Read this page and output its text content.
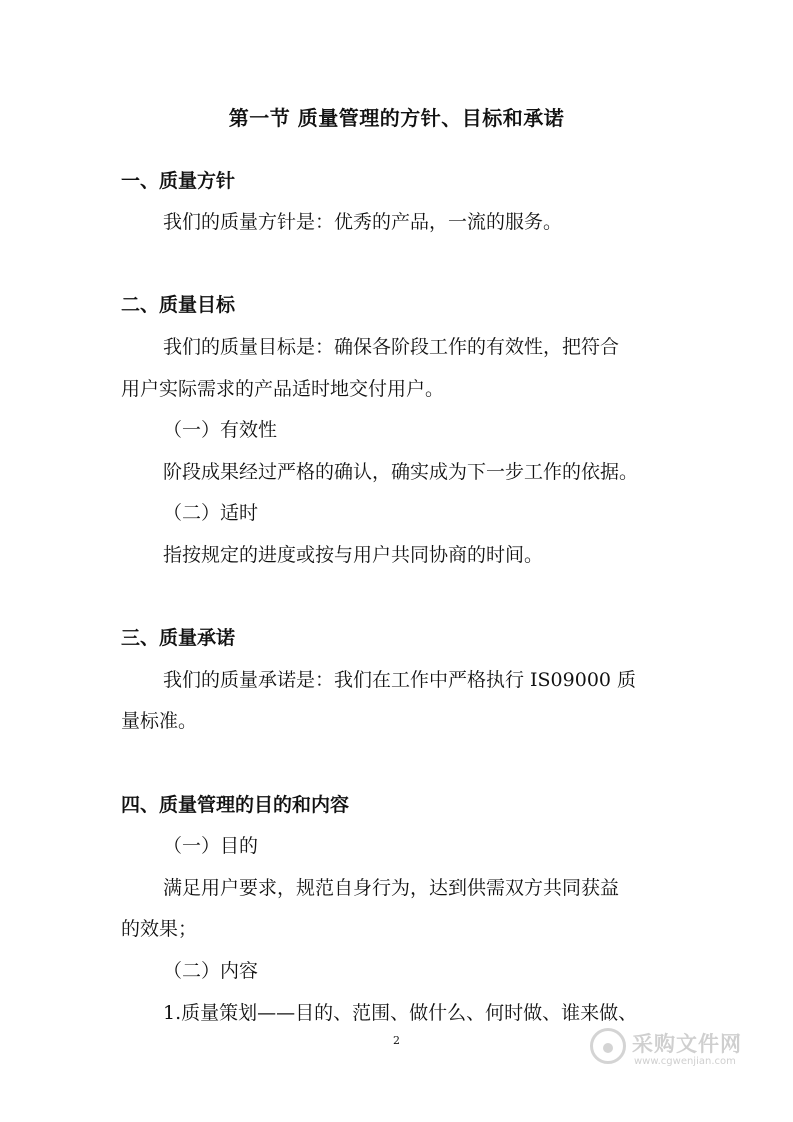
第一节 质量管理的方针、目标和承诺
一、质量方针
我们的质量方针是：优秀的产品，一流的服务。
二、质量目标
我们的质量目标是：确保各阶段工作的有效性，把符合
用户实际需求的产品适时地交付用户。
（一）有效性
阶段成果经过严格的确认，确实成为下一步工作的依据。
（二）适时
指按规定的进度或按与用户共同协商的时间。
三、质量承诺
我们的质量承诺是：我们在工作中严格执行 IS09000 质
量标准。
四、质量管理的目的和内容
（一）目的
满足用户要求，规范自身行为，达到供需双方共同获益
的效果；
（二）内容
1.质量策划——目的、范围、做什么、何时做、谁来做、
2	采购文件网
www.cgwenjian.com
